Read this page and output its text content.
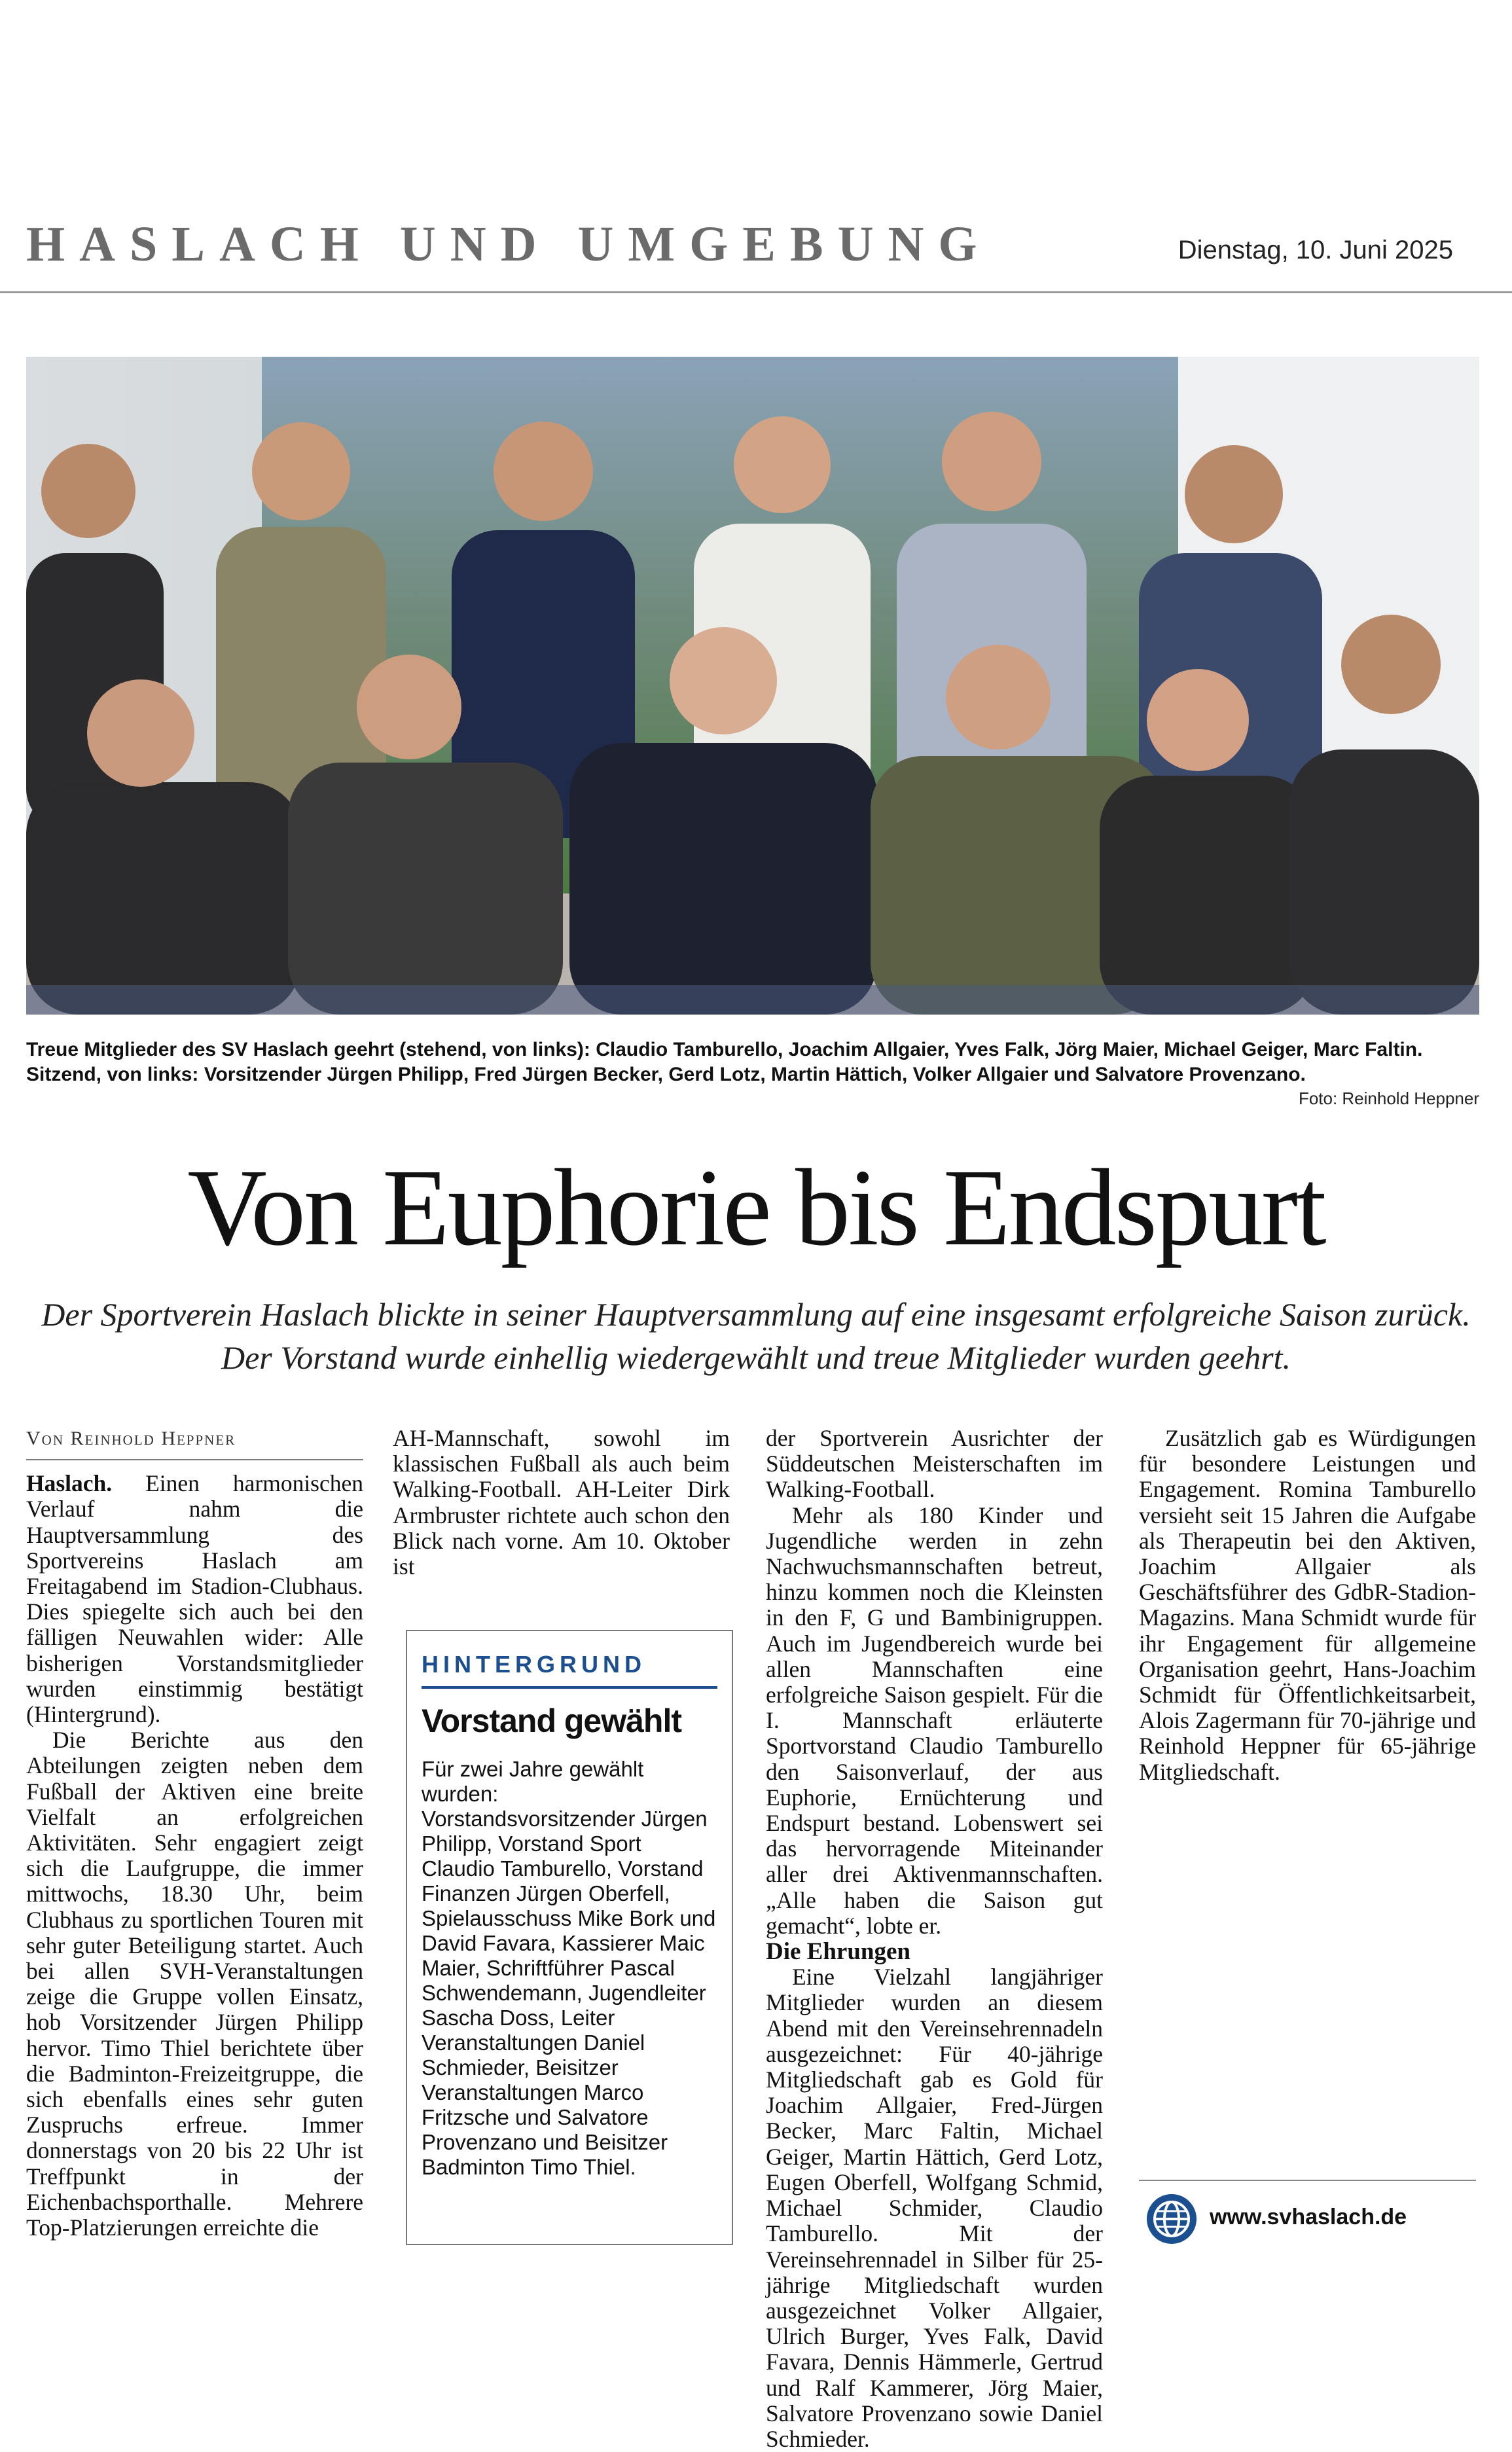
HASLACH UND UMGEBUNG	Dienstag, 10. Juni 2025
Treue Mitglieder des SV Haslach geehrt (stehend, von links): Claudio Tamburello, Joachim Allgaier, Yves Falk, Jörg Maier, Michael Geiger, Marc Faltin. Sitzend, von links: Vorsitzender Jürgen Philipp, Fred Jürgen Becker, Gerd Lotz, Martin Hättich, Volker Allgaier und Salvatore Provenzano.
Foto: Reinhold Heppner
Von Euphorie bis Endspurt
Der Sportverein Haslach blickte in seiner Hauptversammlung auf eine insgesamt erfolgreiche Saison zurück. Der Vorstand wurde einhellig wiedergewählt und treue Mitglieder wurden geehrt.
Von Reinhold Heppner

Haslach. Einen harmonischen Verlauf nahm die Hauptversammlung des Sportvereins Haslach am Freitagabend im Stadion-Clubhaus. Dies spiegelte sich auch bei den fälligen Neuwahlen wider: Alle bisherigen Vorstandsmitglieder wurden einstimmig bestätigt (Hintergrund).

Die Berichte aus den Abteilungen zeigten neben dem Fußball der Aktiven eine breite Vielfalt an erfolgreichen Aktivitäten. Sehr engagiert zeigt sich die Laufgruppe, die immer mittwochs, 18.30 Uhr, beim Clubhaus zu sportlichen Touren mit sehr guter Beteiligung startet. Auch bei allen SVH-Veranstaltungen zeige die Gruppe vollen Einsatz, hob Vorsitzender Jürgen Philipp hervor. Timo Thiel berichtete über die Badminton-Freizeitgruppe, die sich ebenfalls eines sehr guten Zuspruchs erfreue. Immer donnerstags von 20 bis 22 Uhr ist Treffpunkt in der Eichenbachsporthalle. Mehrere Top-Platzierungen erreichte die

AH-Mannschaft, sowohl im klassischen Fußball als auch beim Walking-Football. AH-Leiter Dirk Armbruster richtete auch schon den Blick nach vorne. Am 10. Oktober ist

HINTERGRUND
Vorstand gewählt
Für zwei Jahre gewählt wurden: Vorstandsvorsitzender Jürgen Philipp, Vorstand Sport Claudio Tamburello, Vorstand Finanzen Jürgen Oberfell, Spielausschuss Mike Bork und David Favara, Kassierer Maic Maier, Schriftführer Pascal Schwendemann, Jugendleiter Sascha Doss, Leiter Veranstaltungen Daniel Schmieder, Beisitzer Veranstaltungen Marco Fritzsche und Salvatore Provenzano und Beisitzer Badminton Timo Thiel.

der Sportverein Ausrichter der Süddeutschen Meisterschaften im Walking-Football.

Mehr als 180 Kinder und Jugendliche werden in zehn Nachwuchsmannschaften betreut, hinzu kommen noch die Kleinsten in den F, G und Bambinigruppen. Auch im Jugendbereich wurde bei allen Mannschaften eine erfolgreiche Saison gespielt. Für die I. Mannschaft erläuterte Sportvorstand Claudio Tamburello den Saisonverlauf, der aus Euphorie, Ernüchterung und Endspurt bestand. Lobenswert sei das hervorragende Miteinander aller drei Aktivenmannschaften. „Alle haben die Saison gut gemacht“, lobte er.

Die Ehrungen

Eine Vielzahl langjähriger Mitglieder wurden an diesem Abend mit den Vereinsehrennadeln ausgezeichnet: Für 40-jährige Mitgliedschaft gab es Gold für Joachim Allgaier, Fred-Jürgen Becker, Marc Faltin, Michael Geiger, Martin Hättich, Gerd Lotz, Eugen Oberfell, Wolfgang Schmid, Michael Schmider, Claudio Tamburello. Mit der Vereinsehrennadel in Silber für 25-jährige Mitgliedschaft wurden ausgezeichnet Volker Allgaier, Ulrich Burger, Yves Falk, David Favara, Dennis Hämmerle, Gertrud und Ralf Kammerer, Jörg Maier, Salvatore Provenzano sowie Daniel Schmieder.

Zusätzlich gab es Würdigungen für besondere Leistungen und Engagement. Romina Tamburello versieht seit 15 Jahren die Aufgabe als Therapeutin bei den Aktiven, Joachim Allgaier als Geschäftsführer des GdbR-Stadion-Magazins. Mana Schmidt wurde für ihr Engagement für allgemeine Organisation geehrt, Hans-Joachim Schmidt für Öffentlichkeitsarbeit, Alois Zagermann für 70-jährige und Reinhold Heppner für 65-jährige Mitgliedschaft.

www.svhaslach.de
